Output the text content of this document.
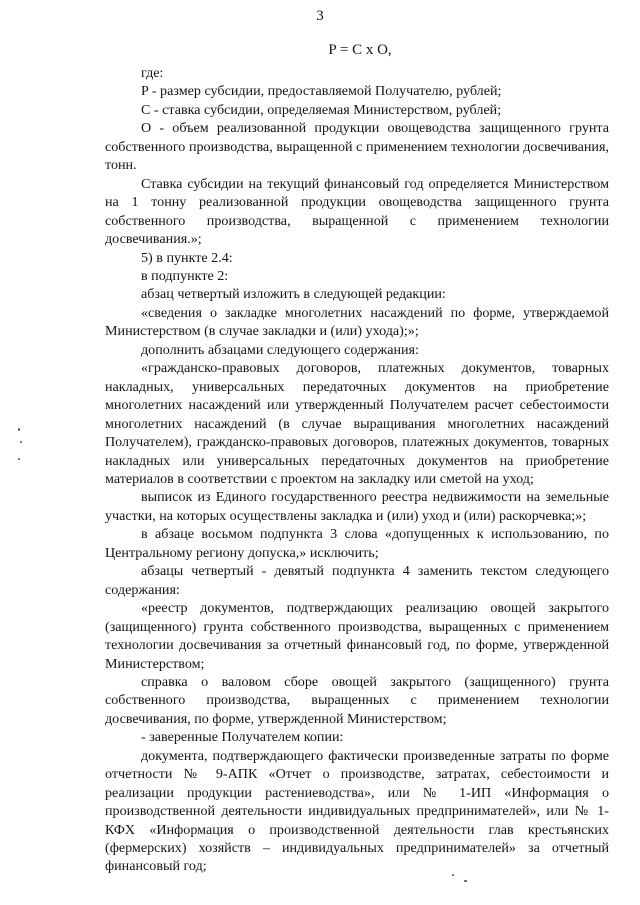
3
P = C x O,

где:

P - размер субсидии, предоставляемой Получателю, рублей;

C - ставка субсидии, определяемая Министерством, рублей;

O - объем реализованной продукции овощеводства защищенного грунта собственного производства, выращенной с применением технологии досвечивания, тонн.

Ставка субсидии на текущий финансовый год определяется Министерством на 1 тонну реализованной продукции овощеводства защищенного грунта собственного производства, выращенной с применением технологии досвечивания.»;

5) в пункте 2.4:

в подпункте 2:

абзац четвертый изложить в следующей редакции:

«сведения о закладке многолетних насаждений по форме, утверждаемой Министерством (в случае закладки и (или) ухода);»;

дополнить абзацами следующего содержания:

«гражданско-правовых договоров, платежных документов, товарных накладных, универсальных передаточных документов на приобретение многолетних насаждений или утвержденный Получателем расчет себестоимости многолетних насаждений (в случае выращивания многолетних насаждений Получателем), гражданско-правовых договоров, платежных документов, товарных накладных или универсальных передаточных документов на приобретение материалов в соответствии с проектом на закладку или сметой на уход;

выписок из Единого государственного реестра недвижимости на земельные участки, на которых осуществлены закладка и (или) уход и (или) раскорчевка;»;

в абзаце восьмом подпункта 3 слова «допущенных к использованию, по Центральному региону допуска,» исключить;

абзацы четвертый - девятый подпункта 4 заменить текстом следующего содержания:

«реестр документов, подтверждающих реализацию овощей закрытого (защищенного) грунта собственного производства, выращенных с применением технологии досвечивания за отчетный финансовый год, по форме, утвержденной Министерством;

справка о валовом сборе овощей закрытого (защищенного) грунта собственного производства, выращенных с применением технологии досвечивания, по форме, утвержденной Министерством;

- заверенные Получателем копии:

документа, подтверждающего фактически произведенные затраты по форме отчетности № 9-АПК «Отчет о производстве, затратах, себестоимости и реализации продукции растениеводства», или № 1-ИП «Информация о производственной деятельности индивидуальных предпринимателей», или № 1-КФХ «Информация о производственной деятельности глав крестьянских (фермерских) хозяйств – индивидуальных предпринимателей» за отчетный финансовый год;
